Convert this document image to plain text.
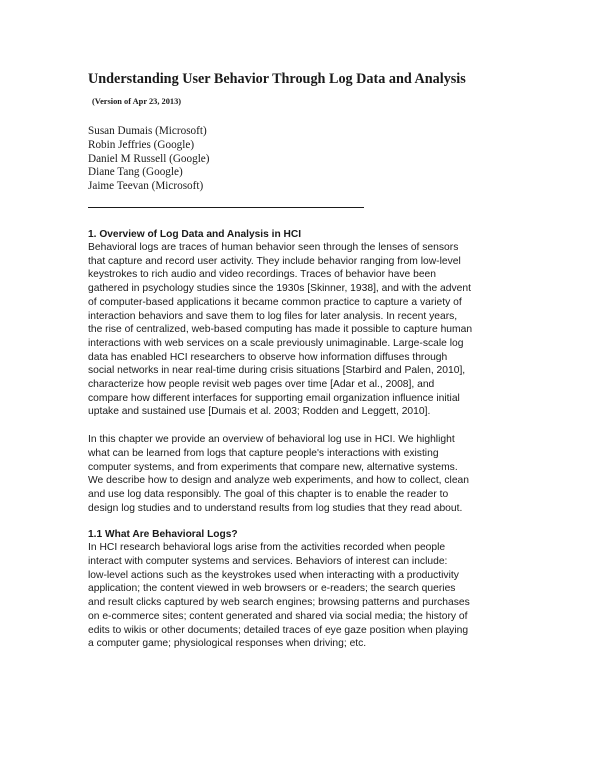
Understanding User Behavior Through Log Data and Analysis
(Version of Apr 23, 2013)
Susan Dumais (Microsoft)
Robin Jeffries (Google)
Daniel M Russell (Google)
Diane Tang (Google)
Jaime Teevan (Microsoft)
1. Overview of Log Data and Analysis in HCI
Behavioral logs are traces of human behavior seen through the lenses of sensors
that capture and record user activity. They include behavior ranging from low-level
keystrokes to rich audio and video recordings. Traces of behavior have been
gathered in psychology studies since the 1930s [Skinner, 1938], and with the advent
of computer-based applications it became common practice to capture a variety of
interaction behaviors and save them to log files for later analysis. In recent years,
the rise of centralized, web-based computing has made it possible to capture human
interactions with web services on a scale previously unimaginable. Large-scale log
data has enabled HCI researchers to observe how information diffuses through
social networks in near real-time during crisis situations [Starbird and Palen, 2010],
characterize how people revisit web pages over time [Adar et al., 2008], and
compare how different interfaces for supporting email organization influence initial
uptake and sustained use [Dumais et al. 2003; Rodden and Leggett, 2010].
In this chapter we provide an overview of behavioral log use in HCI. We highlight
what can be learned from logs that capture people's interactions with existing
computer systems, and from experiments that compare new, alternative systems.
We describe how to design and analyze web experiments, and how to collect, clean
and use log data responsibly. The goal of this chapter is to enable the reader to
design log studies and to understand results from log studies that they read about.
1.1 What Are Behavioral Logs?
In HCI research behavioral logs arise from the activities recorded when people
interact with computer systems and services. Behaviors of interest can include:
low-level actions such as the keystrokes used when interacting with a productivity
application; the content viewed in web browsers or e-readers; the search queries
and result clicks captured by web search engines; browsing patterns and purchases
on e-commerce sites; content generated and shared via social media; the history of
edits to wikis or other documents; detailed traces of eye gaze position when playing
a computer game; physiological responses when driving; etc.
